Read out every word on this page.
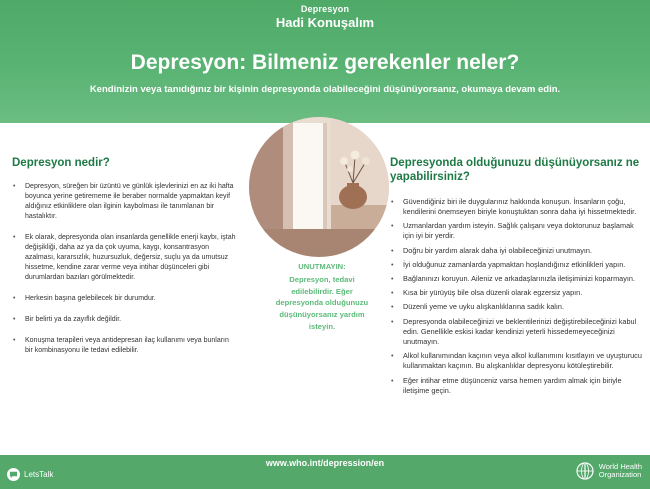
Depresyon
Hadi Konuşalım
Depresyon: Bilmeniz gerekenler neler?
Kendinizin veya tanıdığınız bir kişinin depresyonda olabileceğini düşünüyorsanız, okumaya devam edin.
Depresyon nedir?
• Depresyon, süreğen bir üzüntü ve günlük işlevlerinizi en az iki hafta boyunca yerine getirememe ile beraber normalde yapmaktan keyif aldığınız etkinliklere olan ilginin kaybolması ile tanımlanan bir hastalıktır.
• Ek olarak, depresyonda olan insanlarda genellikle enerji kaybı, iştah değişikliği, daha az ya da çok uyuma, kaygı, konsantrasyon azalması, kararsızlık, huzursuzluk, değersiz, suçlu ya da umutsuz hissetme, kendine zarar verme veya intihar düşünceleri gibi durumlardan bazıları görülmektedir.
• Herkesin başına gelebilecek bir durumdur.
• Bir belirti ya da zayıflık değildir.
• Konuşma terapileri veya antidepresan ilaç kullanımı veya bunların bir kombinasyonu ile tedavi edilebilir.
UNUTMAYIN:
Depresyon, tedavi edilebilirdir. Eğer depresyonda olduğunuzu düşünüyorsanız yardım isteyin.
Depresyonda olduğunuzu düşünüyorsanız ne yapabilirsiniz?
• Güvendiğiniz biri ile duygularınız hakkında konuşun. İnsanların çoğu, kendilerini önemseyen biriyle konuştuktan sonra daha iyi hissetmektedir.
• Uzmanlardan yardım isteyin. Sağlık çalışanı veya doktorunuz başlamak için iyi bir yerdir.
• Doğru bir yardım alarak daha iyi olabileceğinizi unutmayın.
• İyi olduğunuz zamanlarda yapmaktan hoşlandığınız etkinlikleri yapın.
• Bağlanınızı koruyun. Aileniz ve arkadaşlarınızla iletişiminizi koparmayın.
• Kısa bir yürüyüş bile olsa düzenli olarak egzersiz yapın.
• Düzenli yeme ve uyku alışkanlıklarına sadık kalın.
• Depresyonda olabileceğinizi ve beklentilerinizi değiştirebileceğinizi kabul edin. Genellikle eskisi kadar kendinizi yeterli hissedemeyeceğinizi unutmayın.
• Alkol kullanımından kaçının veya alkol kullanımını kısıtlayın ve uyuşturucu kullanmaktan kaçının. Bu alışkanlıklar depresyonu kötüleştirebilir.
• Eğer intihar etme düşünceniz varsa hemen yardım almak için biriyle iletişime geçin.
www.who.int/depression/en
LetsTalk
World Health
Organization
